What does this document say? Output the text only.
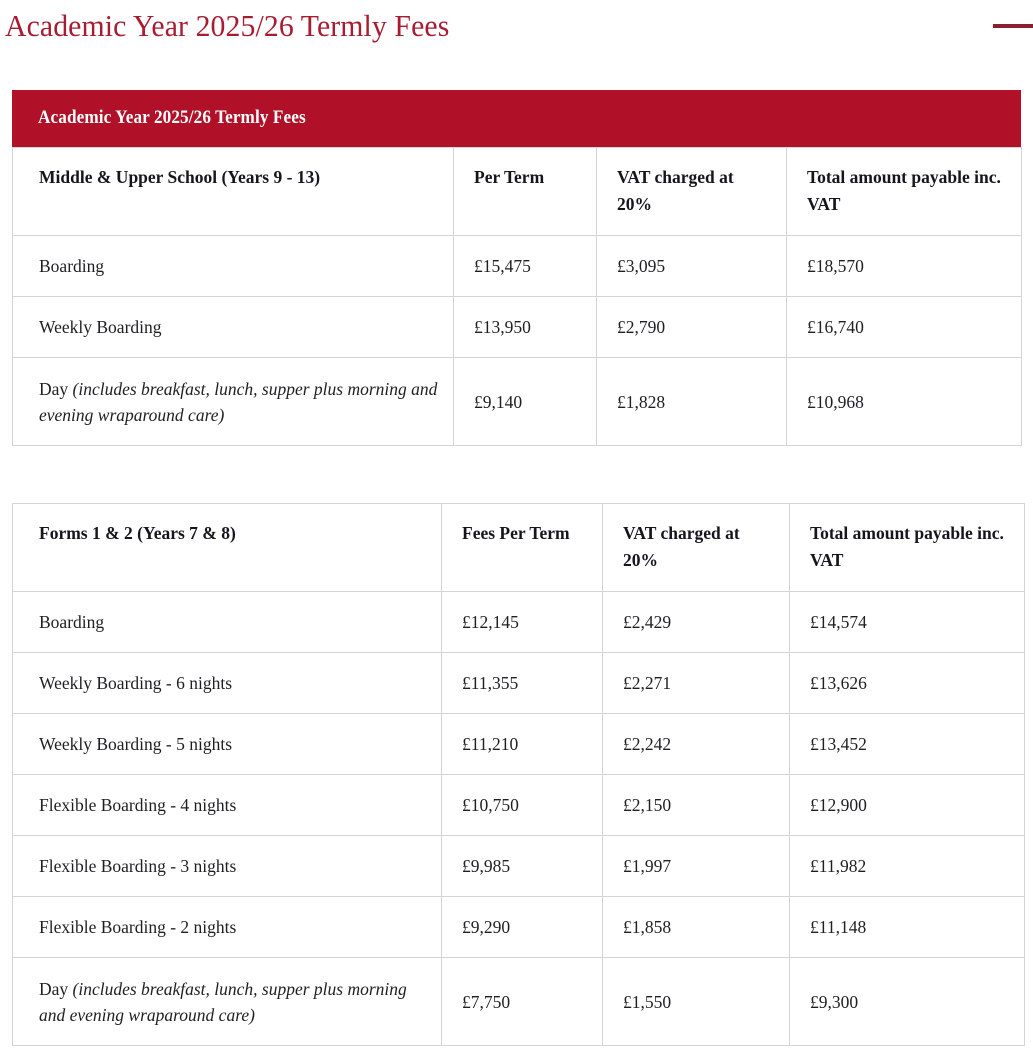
Academic Year 2025/26 Termly Fees
Academic Year 2025/26 Termly Fees
Middle & Upper School (Years 9 - 13)	Per Term	VAT charged at 20%	Total amount payable inc. VAT
Boarding	£15,475	£3,095	£18,570
Weekly Boarding	£13,950	£2,790	£16,740
Day (includes breakfast, lunch, supper plus morning and evening wraparound care)	£9,140	£1,828	£10,968
Forms 1 & 2 (Years 7 & 8)	Fees Per Term	VAT charged at 20%	Total amount payable inc. VAT
Boarding	£12,145	£2,429	£14,574
Weekly Boarding - 6 nights	£11,355	£2,271	£13,626
Weekly Boarding - 5 nights	£11,210	£2,242	£13,452
Flexible Boarding - 4 nights	£10,750	£2,150	£12,900
Flexible Boarding - 3 nights	£9,985	£1,997	£11,982
Flexible Boarding - 2 nights	£9,290	£1,858	£11,148
Day (includes breakfast, lunch, supper plus morning and evening wraparound care)	£7,750	£1,550	£9,300
